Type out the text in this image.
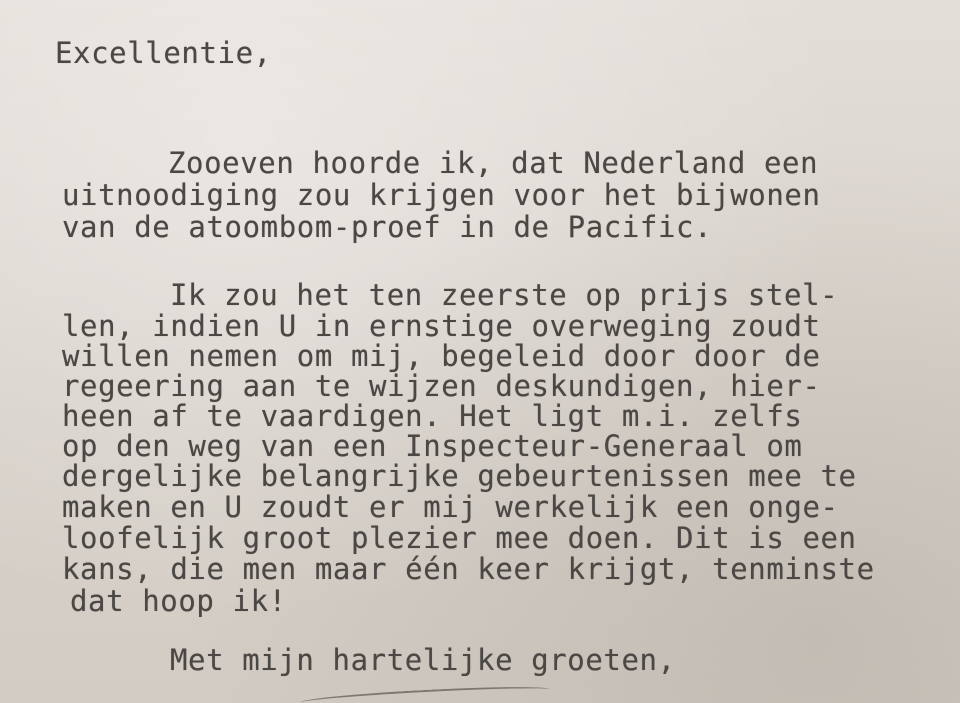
Excellentie,

Zooeven hoorde ik, dat Nederland een

uitnoodiging zou krijgen voor het bijwonen

van de atoombom-proef in de Pacific.

Ik zou het ten zeerste op prijs stel-

len, indien U in ernstige overweging zoudt

willen nemen om mij, begeleid door door de

regeering aan te wijzen deskundigen, hier-

heen af te vaardigen. Het ligt m.i. zelfs

op den weg van een Inspecteur-Generaal om

dergelijke belangrijke gebeurtenissen mee te

maken en U zoudt er mij werkelijk een onge-

loofelijk groot plezier mee doen. Dit is een

kans, die men maar één keer krijgt, tenminste

dat hoop ik!

Met mijn hartelijke groeten,
